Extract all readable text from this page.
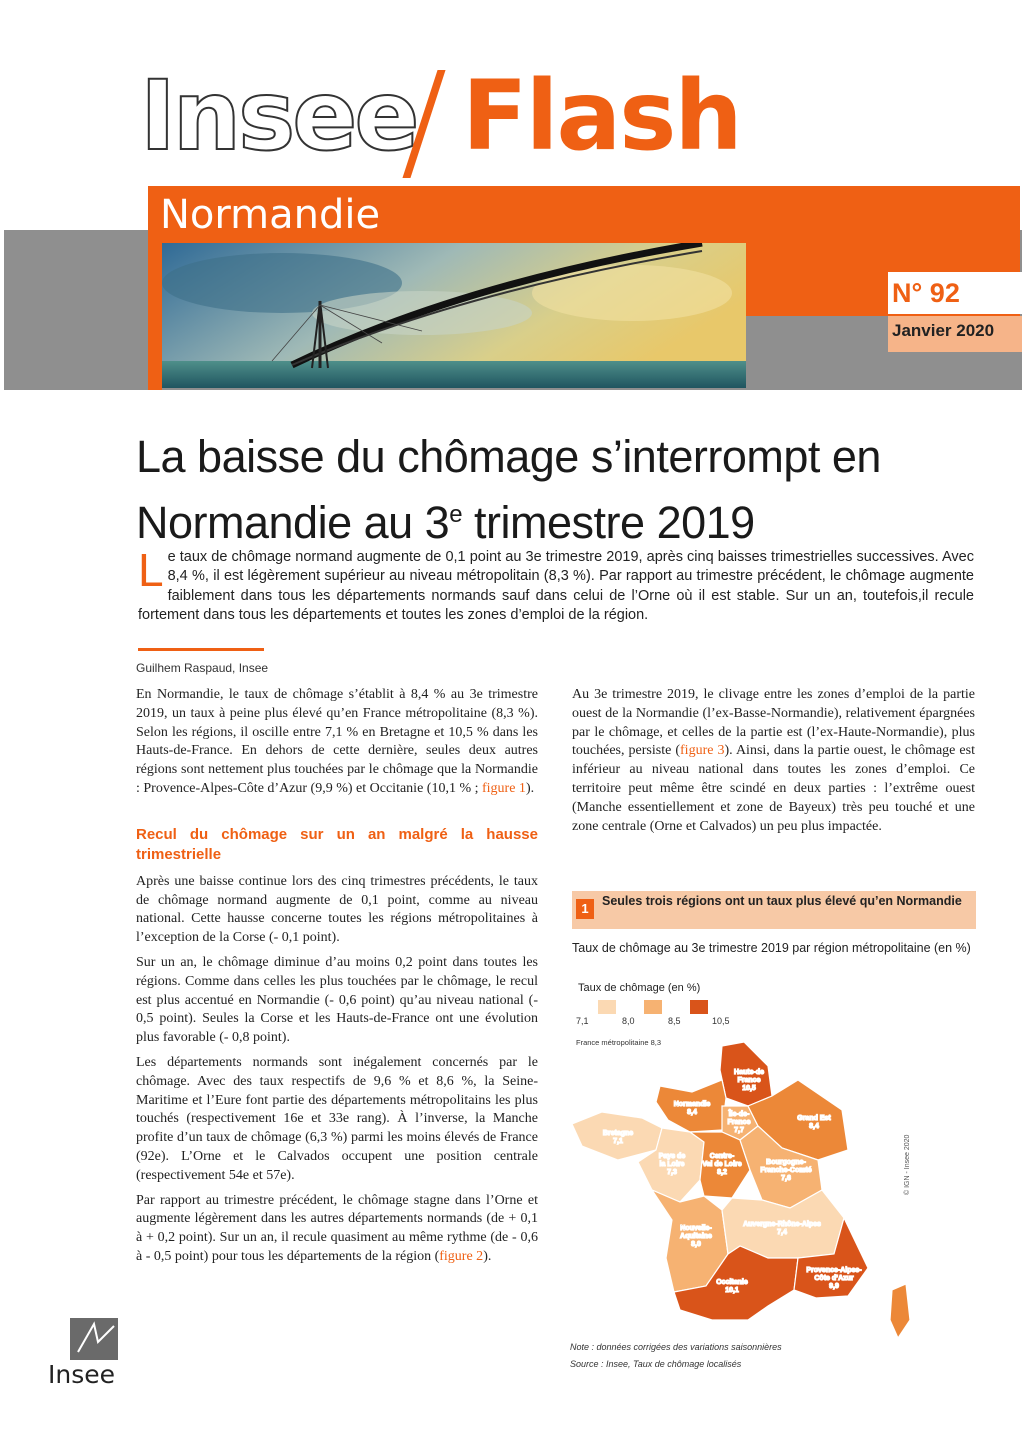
Insee Flash
Normandie
N° 92
Janvier 2020
La baisse du chômage s’interrompt en
Normandie au 3e trimestre 2019
Le taux de chômage normand augmente de 0,1 point au 3e trimestre 2019, après cinq baisses trimestrielles successives. Avec 8,4 %, il est légèrement supérieur au niveau métropolitain (8,3 %). Par rapport au trimestre précédent, le chômage augmente faiblement dans tous les départements normands sauf dans celui de l’Orne où il est stable. Sur un an, toutefois,il recule fortement dans tous les départements et toutes les zones d’emploi de la région.
Guilhem Raspaud, Insee

En Normandie, le taux de chômage s’établit à 8,4 % au 3e trimestre 2019, un taux à peine plus élevé qu’en France métropolitaine (8,3 %). Selon les régions, il oscille entre 7,1 % en Bretagne et 10,5 % dans les Hauts-de-France. En dehors de cette dernière, seules deux autres régions sont nettement plus touchées par le chômage que la Normandie : Provence-Alpes-Côte d’Azur (9,9 %) et Occitanie (10,1 % ; figure 1).

Recul du chômage sur un an malgré la hausse trimestrielle

Après une baisse continue lors des cinq trimestres précédents, le taux de chômage normand augmente de 0,1 point, comme au niveau national. Cette hausse concerne toutes les régions métropolitaines à l’exception de la Corse (- 0,1 point).

Sur un an, le chômage diminue d’au moins 0,2 point dans toutes les régions. Comme dans celles les plus touchées par le chômage, le recul est plus accentué en Normandie (- 0,6 point) qu’au niveau national (- 0,5 point). Seules la Corse et les Hauts-de-France ont une évolution plus favorable (- 0,8 point).

Les départements normands sont inégalement concernés par le chômage. Avec des taux respectifs de 9,6 % et 8,6 %, la Seine-Maritime et l’Eure font partie des départements métropolitains les plus touchés (respectivement 16e et 33e rang). À l’inverse, la Manche profite d’un taux de chômage (6,3 %) parmi les moins élevés de France (92e). L’Orne et le Calvados occupent une position centrale (respectivement 54e et 57e).

Par rapport au trimestre précédent, le chômage stagne dans l’Orne et augmente légèrement dans les autres départements normands (de + 0,1 à + 0,2 point). Sur un an, il recule quasiment au même rythme (de - 0,6 à - 0,5 point) pour tous les départements de la région (figure 2).

Au 3e trimestre 2019, le clivage entre les zones d’emploi de la partie ouest de la Normandie (l’ex-Basse-Normandie), relativement épargnées par le chômage, et celles de la partie est (l’ex-Haute-Normandie), plus touchées, persiste (figure 3). Ainsi, dans la partie ouest, le chômage est inférieur au niveau national dans toutes les zones d’emploi. Ce territoire peut même être scindé en deux parties : l’extrême ouest (Manche essentiellement et zone de Bayeux) très peu touché et une zone centrale (Orne et Calvados) un peu plus impactée.

1	Seules trois régions ont un taux plus élevé qu’en Normandie
Taux de chômage au 3e trimestre 2019 par région métropolitaine (en %)
Taux de chômage (en %)
7,1	8,0	8,5	10,5
France métropolitaine 8,3
Hauts-de
France
10,5
Normandie
8,4	Île-de-
France
7,7
Grand Est
8,4
Bretagne
7,1
Pays de
la Loire
7,3
Centre-
Val de Loire
8,2
Bourgogne-
Franche-Comté
7,6
Nouvelle-
Aquitaine
8,0
Auvergne-Rhône-Alpes
7,4
Occitanie
10,1
Provence-Alpes-
Côte d’Azur
9,9
© IGN - Insee 2020
Note : données corrigées des variations saisonnières
Source : Insee, Taux de chômage localisés
Insee
